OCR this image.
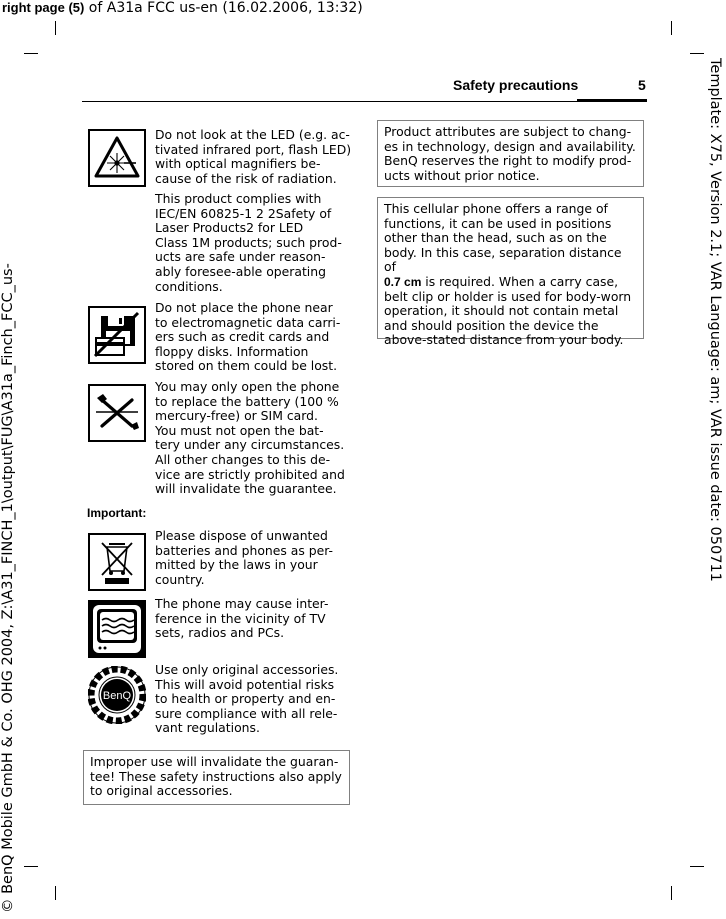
right page (5) of A31a FCC us-en (16.02.2006, 13:32)
Template: X75, Version 2.1; VAR Language: am; VAR issue date: 050711
© BenQ Mobile GmbH & Co. OHG 2004, Z:\A31_FINCH_1\output\FUG\A31a_Finch_FCC_us-
Safety precautions	5
Do not look at the LED (e.g. ac-
tivated infrared port, flash LED)
with optical magnifiers be-
cause of the risk of radiation.
This product complies with
IEC/EN 60825-1 2 2Safety of
Laser Products2 for LED
Class 1M products; such prod-
ucts are safe under reason-
ably foresee-able operating
conditions.
Do not place the phone near
to electromagnetic data carri-
ers such as credit cards and
floppy disks. Information
stored on them could be lost.
You may only open the phone
to replace the battery (100 %
mercury-free) or SIM card.
You must not open the bat-
tery under any circumstances.
All other changes to this de-
vice are strictly prohibited and
will invalidate the guarantee.
Important:
Please dispose of unwanted
batteries and phones as per-
mitted by the laws in your
country.
The phone may cause inter-
ference in the vicinity of TV
sets, radios and PCs.
BenQ
Use only original accessories.
This will avoid potential risks
to health or property and en-
sure compliance with all rele-
vant regulations.
Improper use will invalidate the guaran-
tee! These safety instructions also apply
to original accessories.
Product attributes are subject to chang-
es in technology, design and availability.
BenQ reserves the right to modify prod-
ucts without prior notice.
This cellular phone offers a range of
functions, it can be used in positions
other than the head, such as on the
body. In this case, separation distance of
0.7 cm is required. When a carry case,
belt clip or holder is used for body-worn
operation, it should not contain metal
and should position the device the
above-stated distance from your body.
